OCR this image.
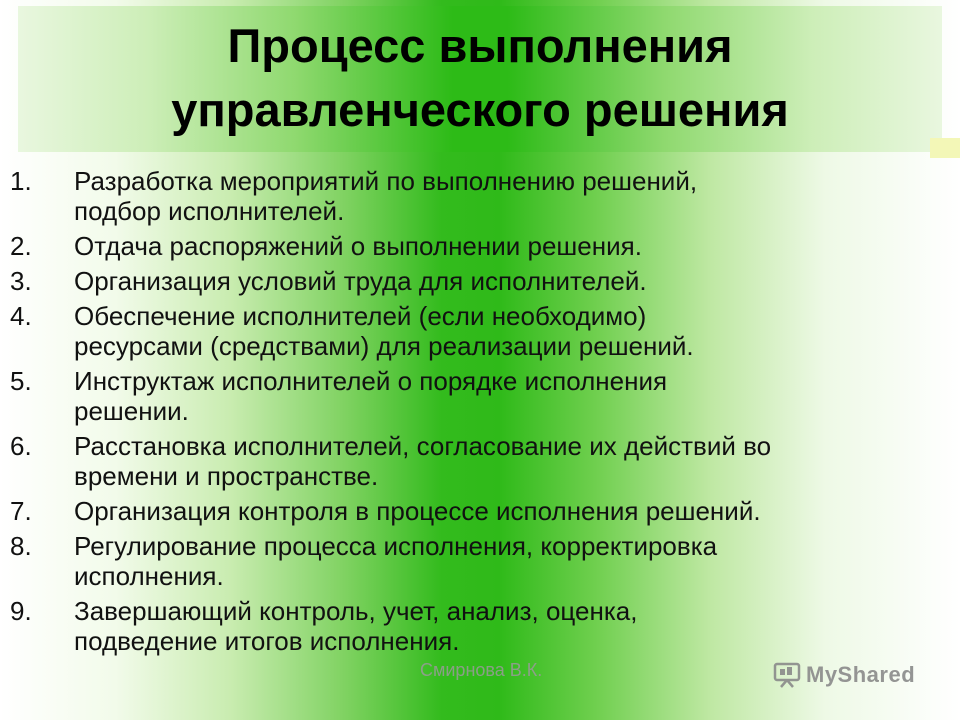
Процесс выполнения
управленческого решения
1.	Разработка мероприятий по выполнению решений,
подбор исполнителей.
2.	Отдача распоряжений о выполнении решения.
3.	Организация условий труда для исполнителей.
4.	Обеспечение исполнителей (если необходимо)
ресурсами (средствами) для реализации решений.
5.	Инструктаж исполнителей о порядке исполнения
решении.
6.	Расстановка исполнителей, согласование их действий во
времени и пространстве.
7.	Организация контроля в процессе исполнения решений.
8.	Регулирование процесса исполнения, корректировка
исполнения.
9.	Завершающий контроль, учет, анализ, оценка,
подведение итогов исполнения.
Смирнова В.К.	MyShared
